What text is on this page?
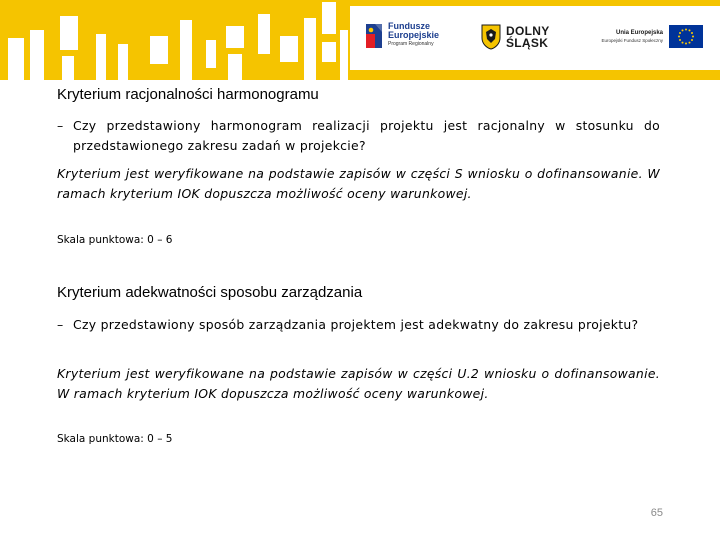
Fundusze
Europejskie
Program Regionalny
DOLNY
ŚLĄSK
Unia Europejska
Europejski Fundusz Społeczny
Kryterium racjonalności harmonogramu
– Czy przedstawiony harmonogram realizacji projektu jest racjonalny w stosunku do przedstawionego zakresu zadań w projekcie?
Kryterium jest weryfikowane na podstawie zapisów w części S wniosku o dofinansowanie. W ramach kryterium IOK dopuszcza możliwość oceny warunkowej.
Skala punktowa: 0 – 6
Kryterium adekwatności sposobu zarządzania
– Czy przedstawiony sposób zarządzania projektem jest adekwatny do zakresu projektu?
Kryterium jest weryfikowane na podstawie zapisów w części U.2 wniosku o dofinansowanie. W ramach kryterium IOK dopuszcza możliwość oceny warunkowej.
Skala punktowa: 0 – 5
65
